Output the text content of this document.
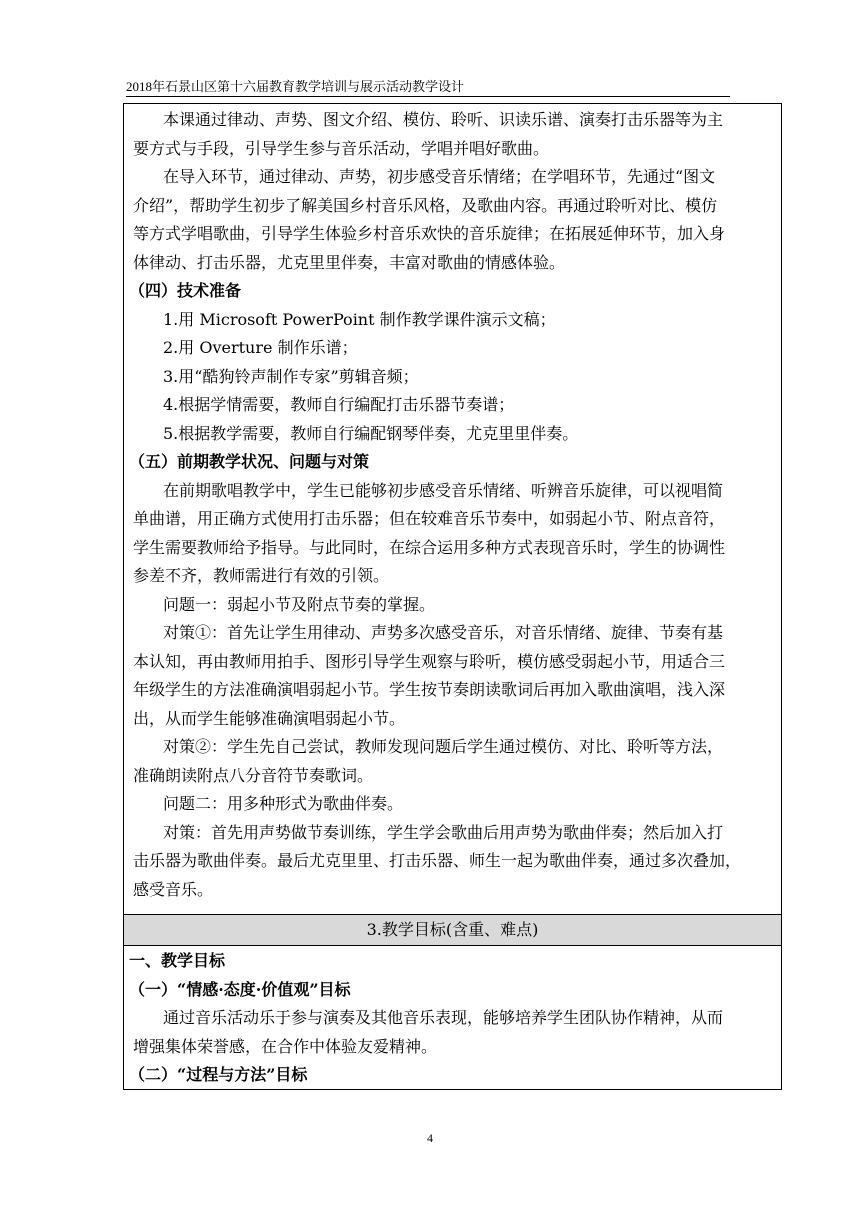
2018年石景山区第十六届教育教学培训与展示活动教学设计

本课通过律动、声势、图文介绍、模仿、聆听、识读乐谱、演奏打击乐器等为主

要方式与手段，引导学生参与音乐活动，学唱并唱好歌曲。

在导入环节，通过律动、声势，初步感受音乐情绪；在学唱环节，先通过“图文

介绍”，帮助学生初步了解美国乡村音乐风格，及歌曲内容。再通过聆听对比、模仿

等方式学唱歌曲，引导学生体验乡村音乐欢快的音乐旋律；在拓展延伸环节，加入身

体律动、打击乐器，尤克里里伴奏，丰富对歌曲的情感体验。

（四）技术准备

1.用 Microsoft PowerPoint 制作教学课件演示文稿；

2.用 Overture 制作乐谱；

3.用“酷狗铃声制作专家”剪辑音频；

4.根据学情需要，教师自行编配打击乐器节奏谱；

5.根据教学需要，教师自行编配钢琴伴奏，尤克里里伴奏。

（五）前期教学状况、问题与对策

在前期歌唱教学中，学生已能够初步感受音乐情绪、听辨音乐旋律，可以视唱简

单曲谱，用正确方式使用打击乐器；但在较难音乐节奏中，如弱起小节、附点音符，

学生需要教师给予指导。与此同时，在综合运用多种方式表现音乐时，学生的协调性

参差不齐，教师需进行有效的引领。

问题一：弱起小节及附点节奏的掌握。

对策①：首先让学生用律动、声势多次感受音乐，对音乐情绪、旋律、节奏有基

本认知，再由教师用拍手、图形引导学生观察与聆听，模仿感受弱起小节，用适合三

年级学生的方法准确演唱弱起小节。学生按节奏朗读歌词后再加入歌曲演唱，浅入深

出，从而学生能够准确演唱弱起小节。

对策②：学生先自己尝试，教师发现问题后学生通过模仿、对比、聆听等方法，

准确朗读附点八分音符节奏歌词。

问题二：用多种形式为歌曲伴奏。

对策：首先用声势做节奏训练，学生学会歌曲后用声势为歌曲伴奏；然后加入打

击乐器为歌曲伴奏。最后尤克里里、打击乐器、师生一起为歌曲伴奏，通过多次叠加，

感受音乐。

3.教学目标(含重、难点)

一、教学目标

（一）“情感·态度·价值观”目标

通过音乐活动乐于参与演奏及其他音乐表现，能够培养学生团队协作精神，从而

增强集体荣誉感，在合作中体验友爱精神。

（二）“过程与方法”目标

4
